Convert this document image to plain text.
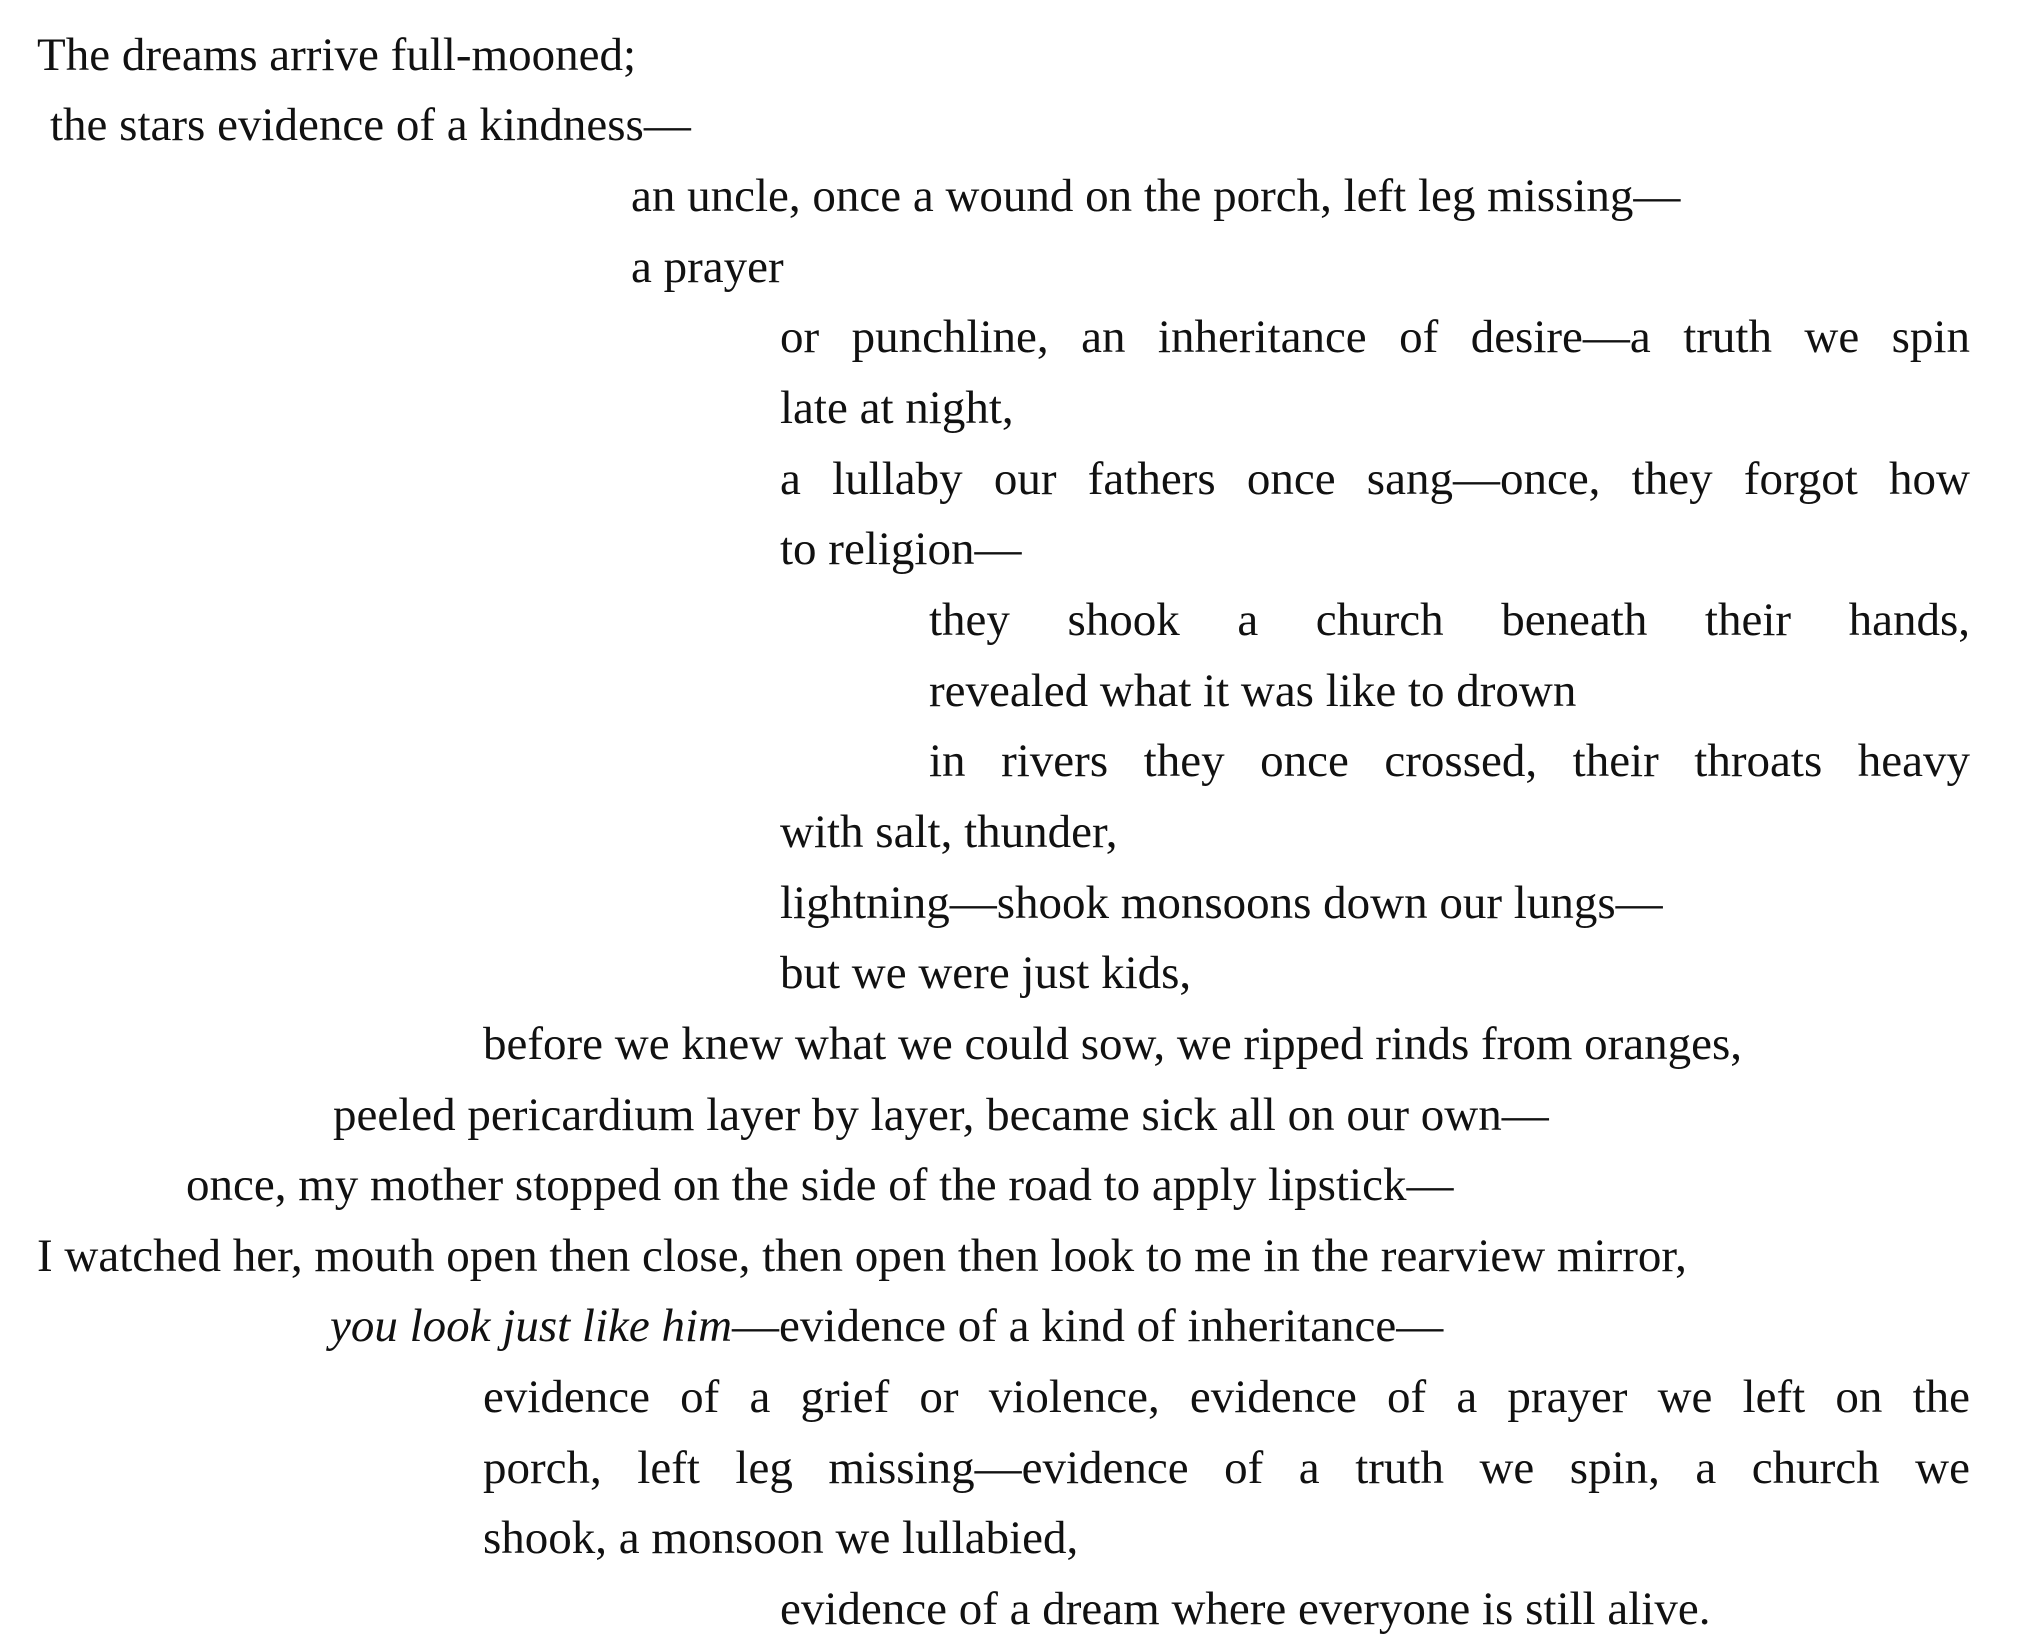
The dreams arrive full-mooned;
the stars evidence of a kindness—
an uncle, once a wound on the porch, left leg missing—
a prayer
or punchline, an inheritance of desire—a truth we spin
late at night,
a lullaby our fathers once sang—once, they forgot how
to religion—
they shook a church beneath their hands,
revealed what it was like to drown
in rivers they once crossed, their throats heavy
with salt, thunder,
lightning—shook monsoons down our lungs—
but we were just kids,
before we knew what we could sow, we ripped rinds from oranges,
peeled pericardium layer by layer, became sick all on our own—
once, my mother stopped on the side of the road to apply lipstick—
I watched her, mouth open then close, then open then look to me in the rearview mirror,
you look just like him—evidence of a kind of inheritance—
evidence of a grief or violence, evidence of a prayer we left on the
porch, left leg missing—evidence of a truth we spin, a church we
shook, a monsoon we lullabied,
evidence of a dream where everyone is still alive.
